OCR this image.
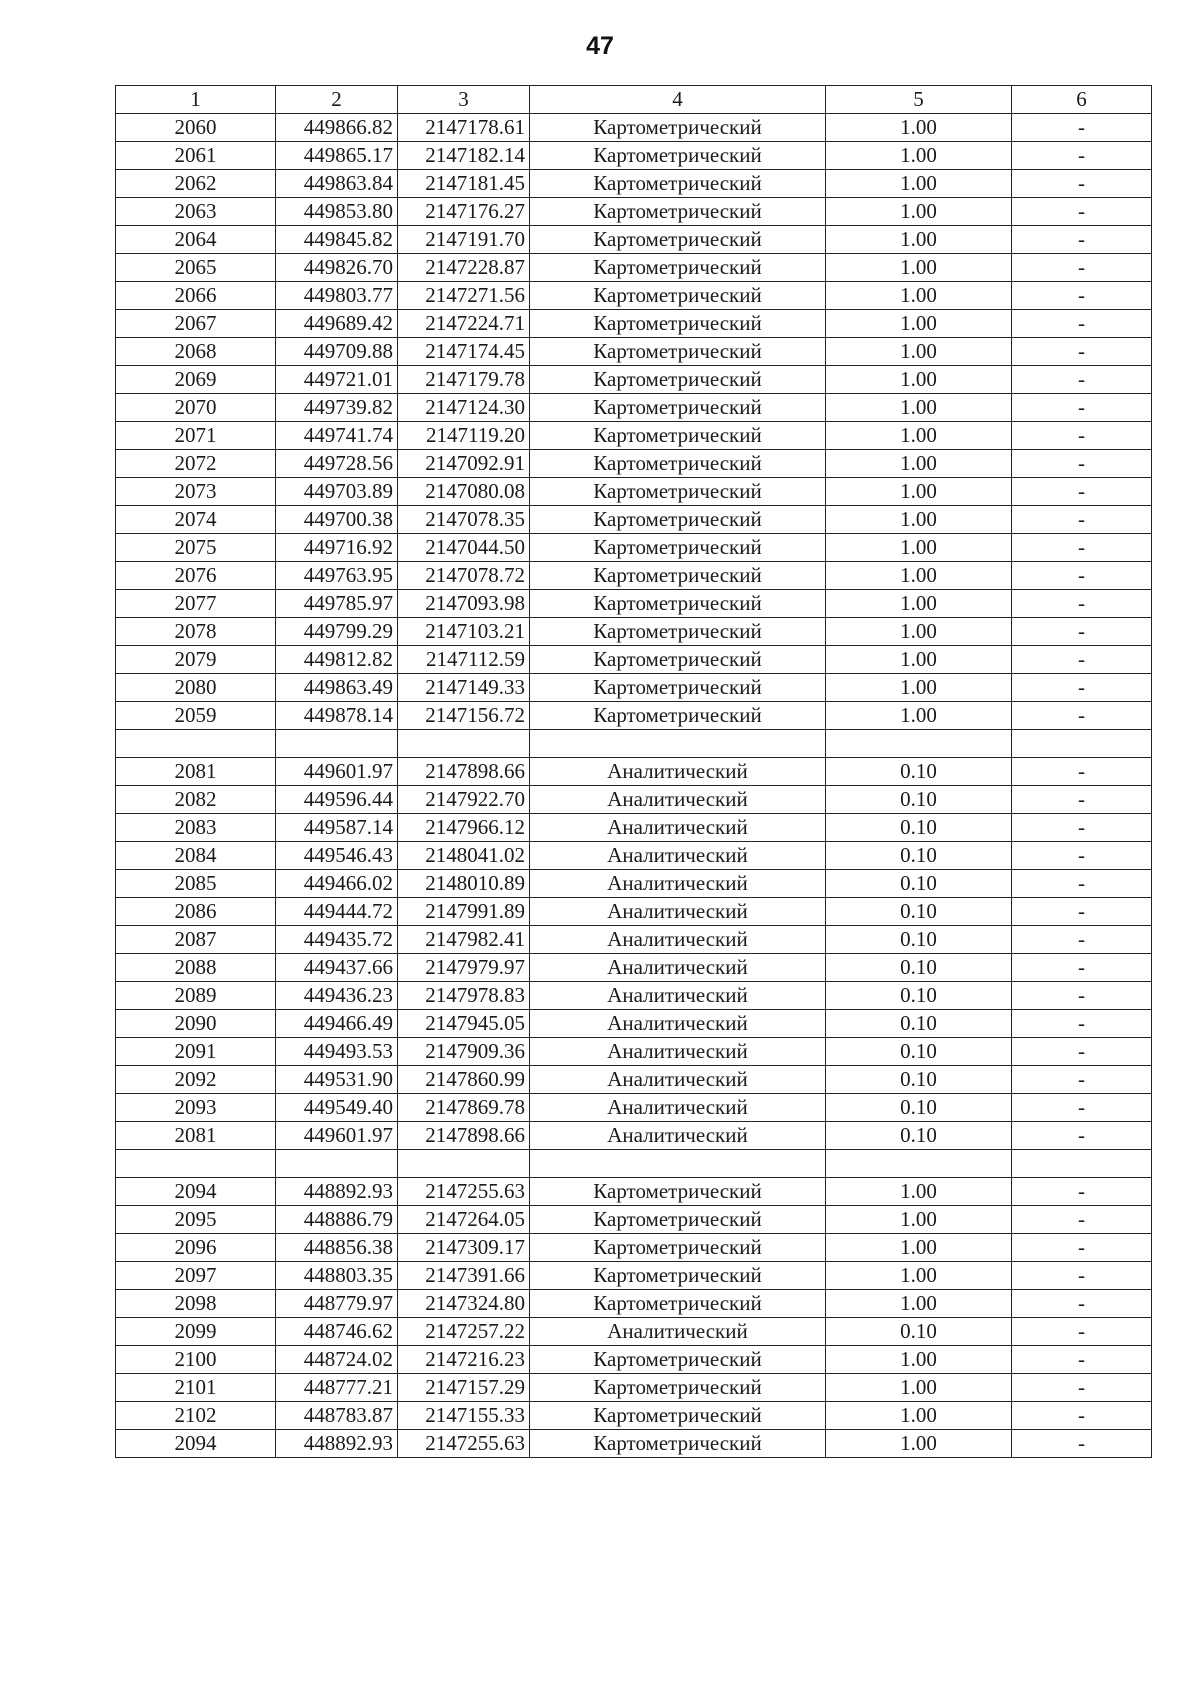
47
1	2	3	4	5	6
2060	449866.82	2147178.61	Картометрический	1.00	-
2061	449865.17	2147182.14	Картометрический	1.00	-
2062	449863.84	2147181.45	Картометрический	1.00	-
2063	449853.80	2147176.27	Картометрический	1.00	-
2064	449845.82	2147191.70	Картометрический	1.00	-
2065	449826.70	2147228.87	Картометрический	1.00	-
2066	449803.77	2147271.56	Картометрический	1.00	-
2067	449689.42	2147224.71	Картометрический	1.00	-
2068	449709.88	2147174.45	Картометрический	1.00	-
2069	449721.01	2147179.78	Картометрический	1.00	-
2070	449739.82	2147124.30	Картометрический	1.00	-
2071	449741.74	2147119.20	Картометрический	1.00	-
2072	449728.56	2147092.91	Картометрический	1.00	-
2073	449703.89	2147080.08	Картометрический	1.00	-
2074	449700.38	2147078.35	Картометрический	1.00	-
2075	449716.92	2147044.50	Картометрический	1.00	-
2076	449763.95	2147078.72	Картометрический	1.00	-
2077	449785.97	2147093.98	Картометрический	1.00	-
2078	449799.29	2147103.21	Картометрический	1.00	-
2079	449812.82	2147112.59	Картометрический	1.00	-
2080	449863.49	2147149.33	Картометрический	1.00	-
2059	449878.14	2147156.72	Картометрический	1.00	-

2081	449601.97	2147898.66	Аналитический	0.10	-
2082	449596.44	2147922.70	Аналитический	0.10	-
2083	449587.14	2147966.12	Аналитический	0.10	-
2084	449546.43	2148041.02	Аналитический	0.10	-
2085	449466.02	2148010.89	Аналитический	0.10	-
2086	449444.72	2147991.89	Аналитический	0.10	-
2087	449435.72	2147982.41	Аналитический	0.10	-
2088	449437.66	2147979.97	Аналитический	0.10	-
2089	449436.23	2147978.83	Аналитический	0.10	-
2090	449466.49	2147945.05	Аналитический	0.10	-
2091	449493.53	2147909.36	Аналитический	0.10	-
2092	449531.90	2147860.99	Аналитический	0.10	-
2093	449549.40	2147869.78	Аналитический	0.10	-
2081	449601.97	2147898.66	Аналитический	0.10	-

2094	448892.93	2147255.63	Картометрический	1.00	-
2095	448886.79	2147264.05	Картометрический	1.00	-
2096	448856.38	2147309.17	Картометрический	1.00	-
2097	448803.35	2147391.66	Картометрический	1.00	-
2098	448779.97	2147324.80	Картометрический	1.00	-
2099	448746.62	2147257.22	Аналитический	0.10	-
2100	448724.02	2147216.23	Картометрический	1.00	-
2101	448777.21	2147157.29	Картометрический	1.00	-
2102	448783.87	2147155.33	Картометрический	1.00	-
2094	448892.93	2147255.63	Картометрический	1.00	-
